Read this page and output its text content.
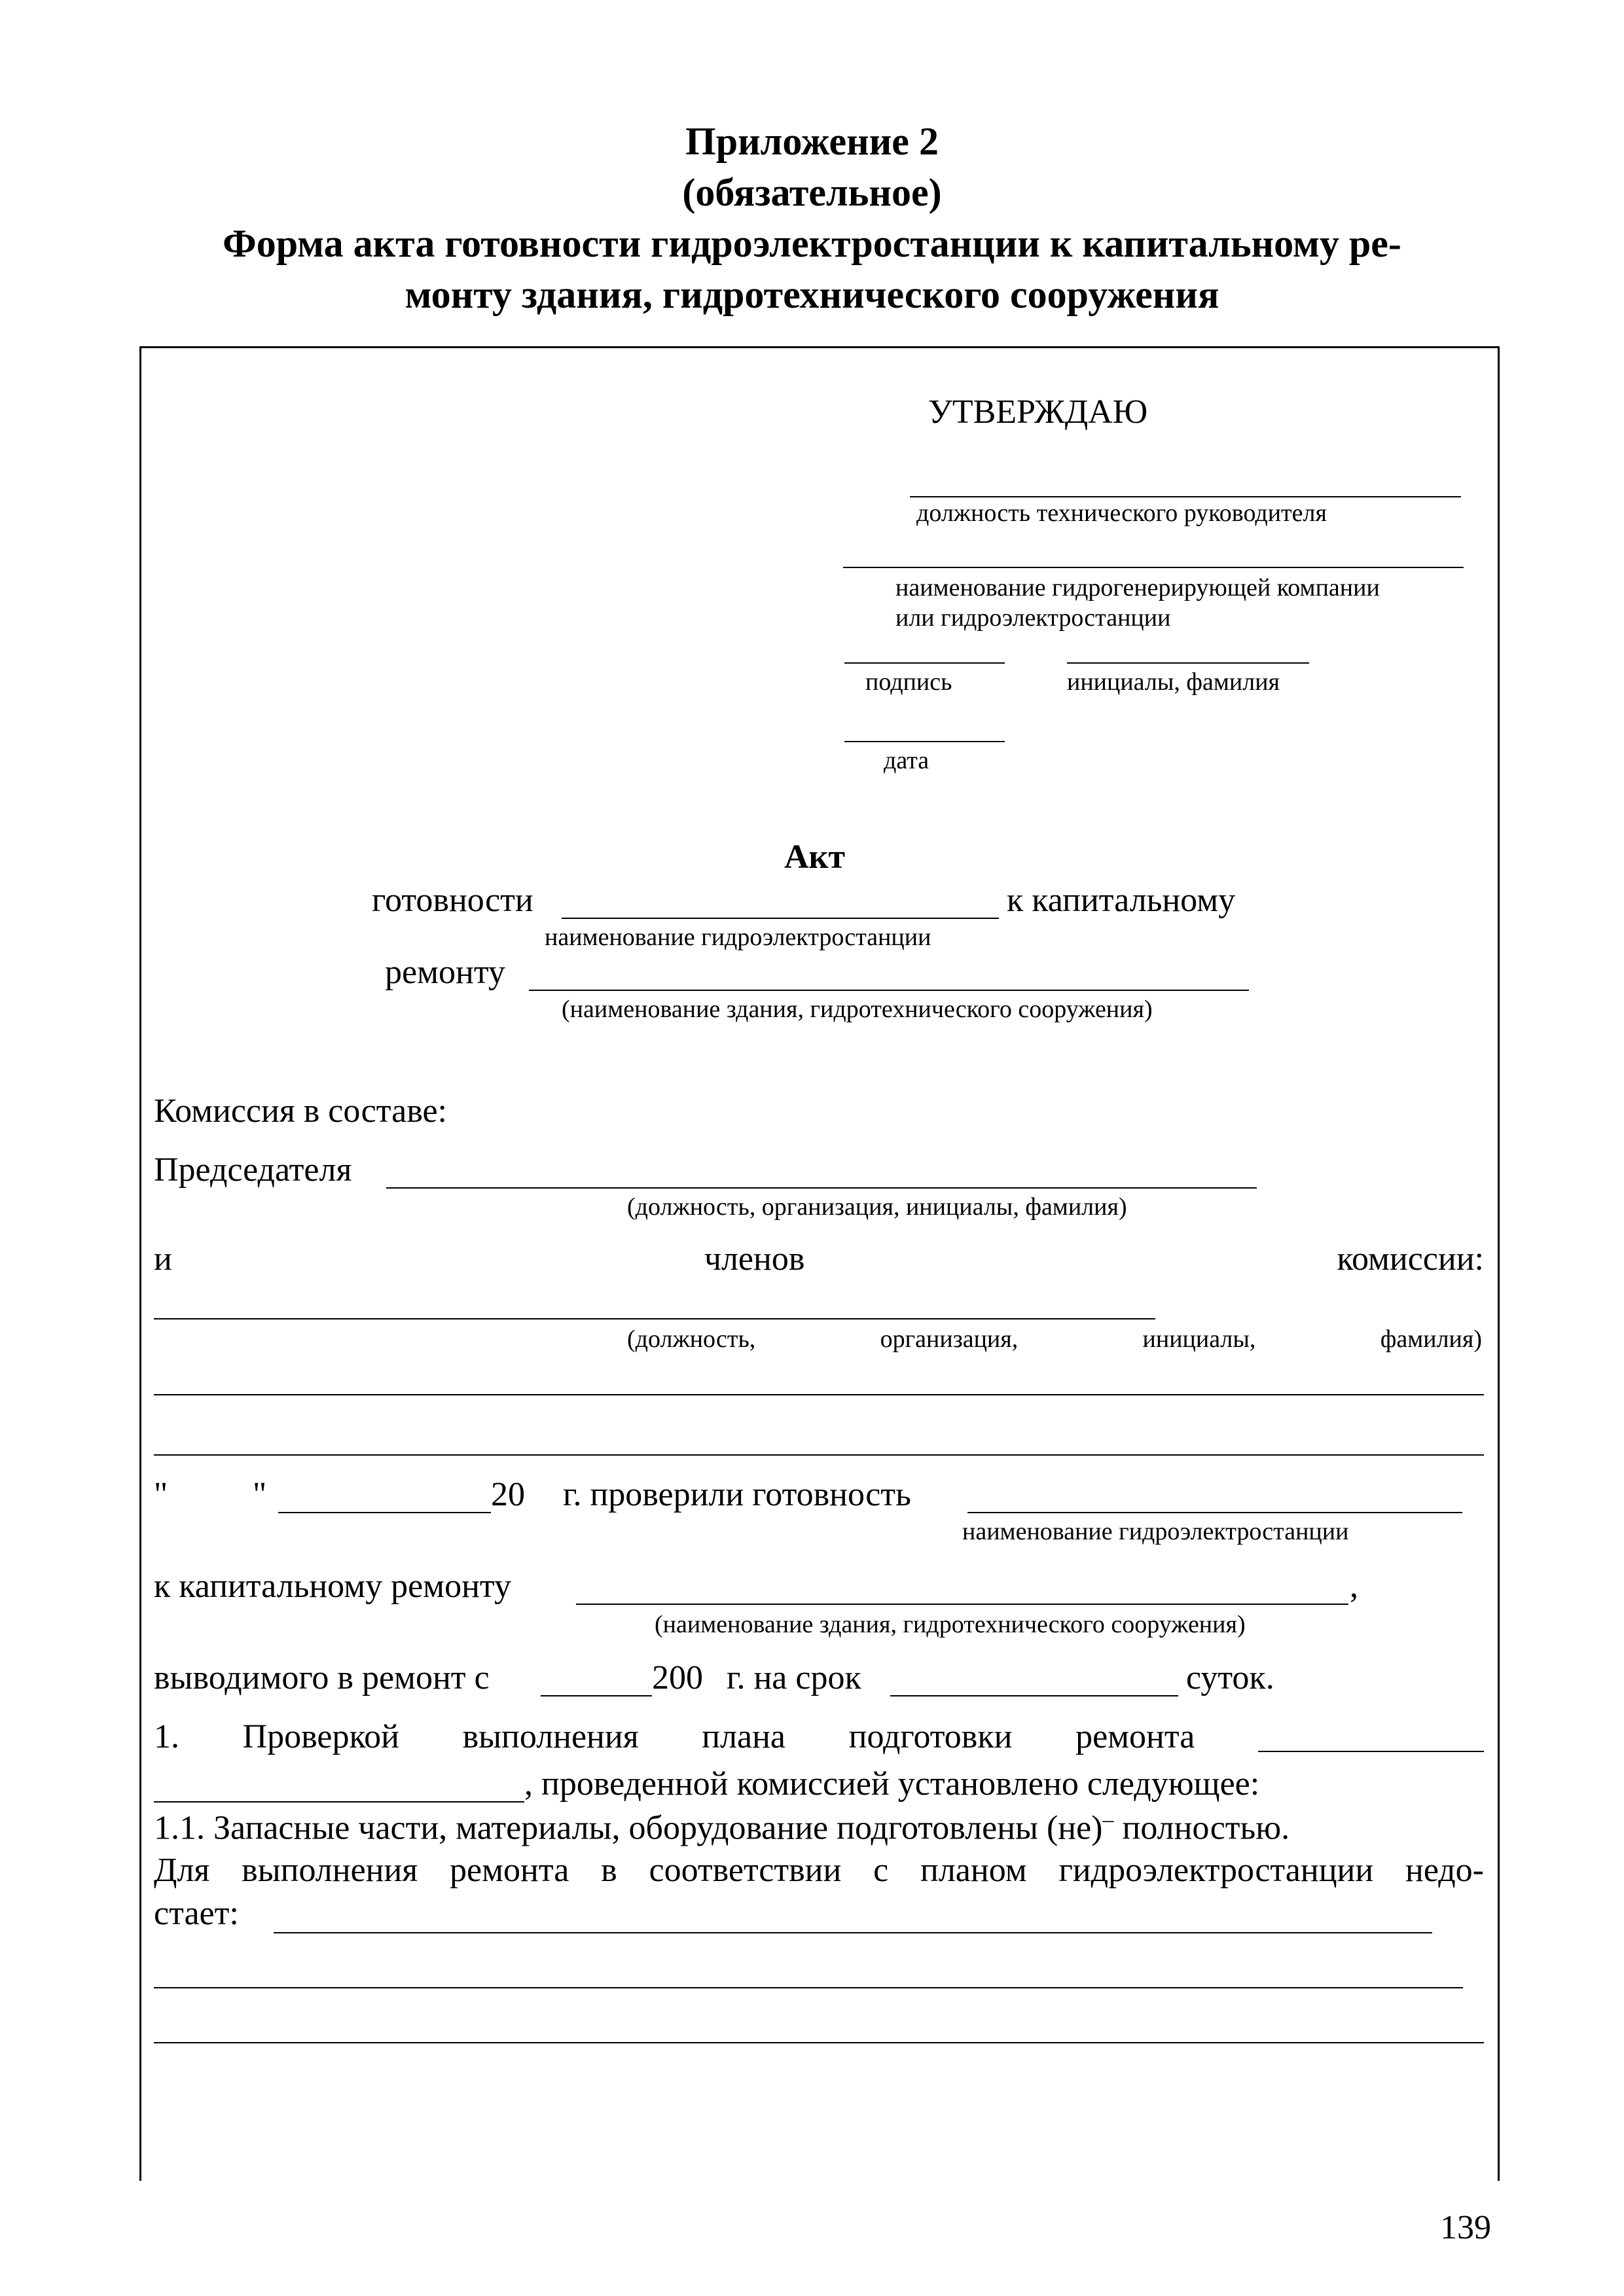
Приложение 2
(обязательное)
Форма акта готовности гидроэлектростанции к капитальному ре-
монту здания, гидротехнического сооружения
УТВЕРЖДАЮ
должность технического руководителя
наименование гидрогенерирующей компании
или гидроэлектростанции
подпись	инициалы, фамилия
дата
Акт
готовности	к капитальному
наименование гидроэлектростанции
ремонту
(наименование здания, гидротехнического сооружения)
Комиссия в составе:
Председателя
(должность, организация, инициалы, фамилия)
и	членов	комиссии:
(должность,	организация,	инициалы,	фамилия)
" "	20 г. проверили готовность
наименование гидроэлектростанции
к капитальному ремонту	,
(наименование здания, гидротехнического сооружения)
выводимого в ремонт с	200 г. на срок	суток.
1. Проверкой выполнения плана подготовки ремонта
, проведенной комиссией установлено следующее:
1.1. Запасные части, материалы, оборудование подготовлены (не)– полностью.
Для выполнения ремонта в соответствии с планом гидроэлектростанции недо-
стает:
139
